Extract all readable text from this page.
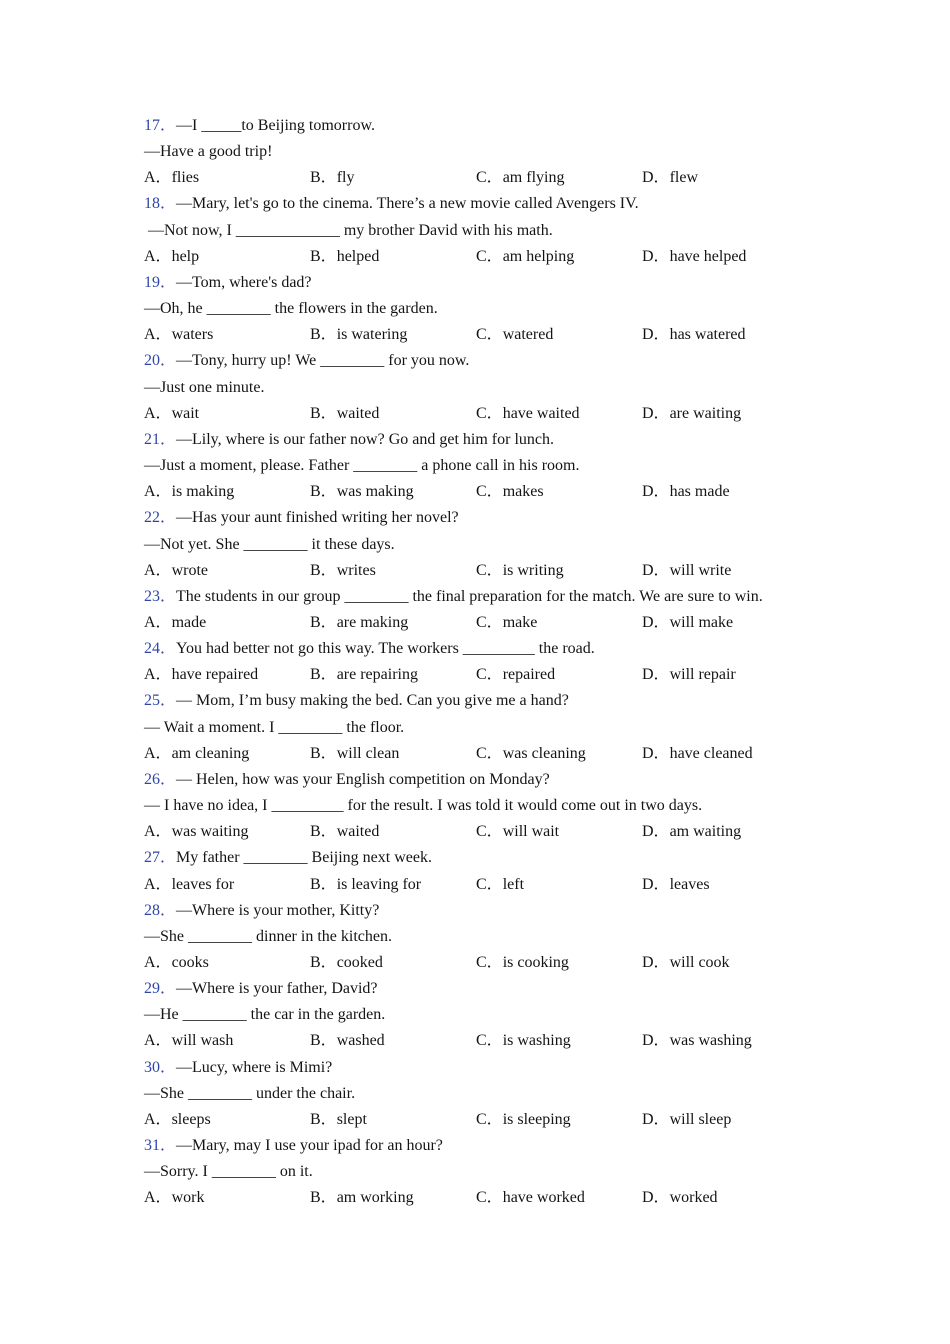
17．—I _____to Beijing tomorrow.
—Have a good trip!
A．flies	B．fly	C．am flying	D．flew
18．—Mary, let's go to the cinema. There’s a new movie called Avengers IV.
—Not now, I _____________ my brother David with his math.
A．help	B．helped	C．am helping	D．have helped
19．—Tom, where's dad?
—Oh, he ________ the flowers in the garden.
A．waters	B．is watering	C．watered	D．has watered
20．—Tony, hurry up! We ________ for you now.
—Just one minute.
A．wait	B．waited	C．have waited	D．are waiting
21．—Lily, where is our father now? Go and get him for lunch.
—Just a moment, please. Father ________ a phone call in his room.
A．is making	B．was making	C．makes	D．has made
22．—Has your aunt finished writing her novel?
—Not yet. She ________ it these days.
A．wrote	B．writes	C．is writing	D．will write
23．The students in our group ________ the final preparation for the match. We are sure to win.
A．made	B．are making	C．make	D．will make
24．You had better not go this way. The workers _________ the road.
A．have repaired	B．are repairing	C．repaired	D．will repair
25．— Mom, I’m busy making the bed. Can you give me a hand?
— Wait a moment. I ________ the floor.
A．am cleaning	B．will clean	C．was cleaning	D．have cleaned
26．— Helen, how was your English competition on Monday?
— I have no idea, I _________ for the result. I was told it would come out in two days.
A．was waiting	B．waited	C．will wait	D．am waiting
27．My father ________ Beijing next week.
A．leaves for	B．is leaving for	C．left	D．leaves
28．—Where is your mother, Kitty?
—She ________ dinner in the kitchen.
A．cooks	B．cooked	C．is cooking	D．will cook
29．—Where is your father, David?
—He ________ the car in the garden.
A．will wash	B．washed	C．is washing	D．was washing
30．—Lucy, where is Mimi?
—She ________ under the chair.
A．sleeps	B．slept	C．is sleeping	D．will sleep
31．—Mary, may I use your ipad for an hour?
—Sorry. I ________ on it.
A．work	B．am working	C．have worked	D．worked
